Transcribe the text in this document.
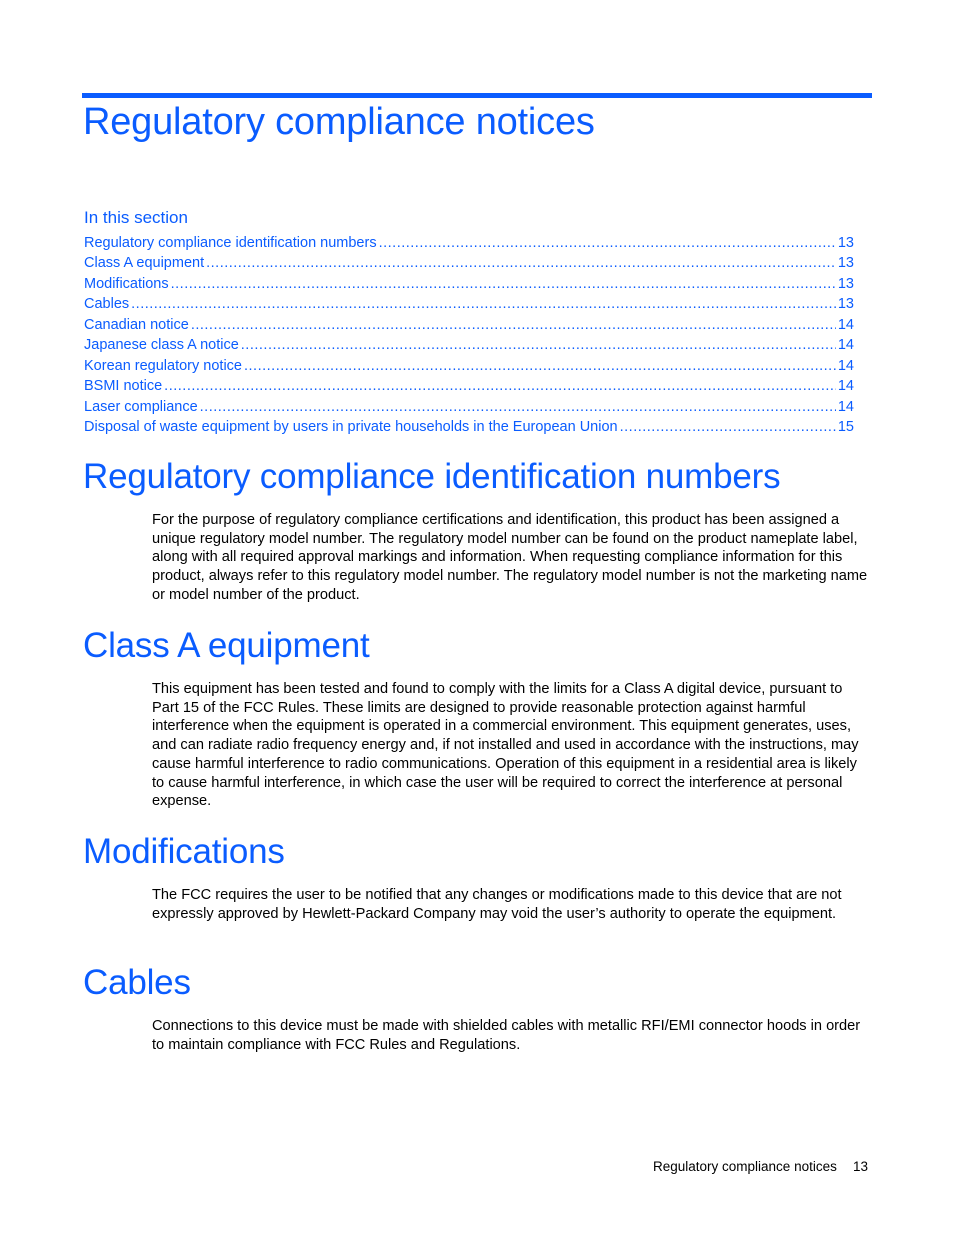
Regulatory compliance notices
In this section
Regulatory compliance identification numbers .....	13
Class A equipment .....	13
Modifications .....	13
Cables .....	13
Canadian notice .....	14
Japanese class A notice .....	14
Korean regulatory notice .....	14
BSMI notice .....	14
Laser compliance .....	14
Disposal of waste equipment by users in private households in the European Union .....	15
Regulatory compliance identification numbers

For the purpose of regulatory compliance certifications and identification, this product has been assigned a unique regulatory model number. The regulatory model number can be found on the product nameplate label, along with all required approval markings and information. When requesting compliance information for this product, always refer to this regulatory model number. The regulatory model number is not the marketing name or model number of the product.

Class A equipment

This equipment has been tested and found to comply with the limits for a Class A digital device, pursuant to Part 15 of the FCC Rules. These limits are designed to provide reasonable protection against harmful interference when the equipment is operated in a commercial environment. This equipment generates, uses, and can radiate radio frequency energy and, if not installed and used in accordance with the instructions, may cause harmful interference to radio communications. Operation of this equipment in a residential area is likely to cause harmful interference, in which case the user will be required to correct the interference at personal expense.

Modifications

The FCC requires the user to be notified that any changes or modifications made to this device that are not expressly approved by Hewlett-Packard Company may void the user’s authority to operate the equipment.

Cables

Connections to this device must be made with shielded cables with metallic RFI/EMI connector hoods in order to maintain compliance with FCC Rules and Regulations.

Regulatory compliance notices 13
